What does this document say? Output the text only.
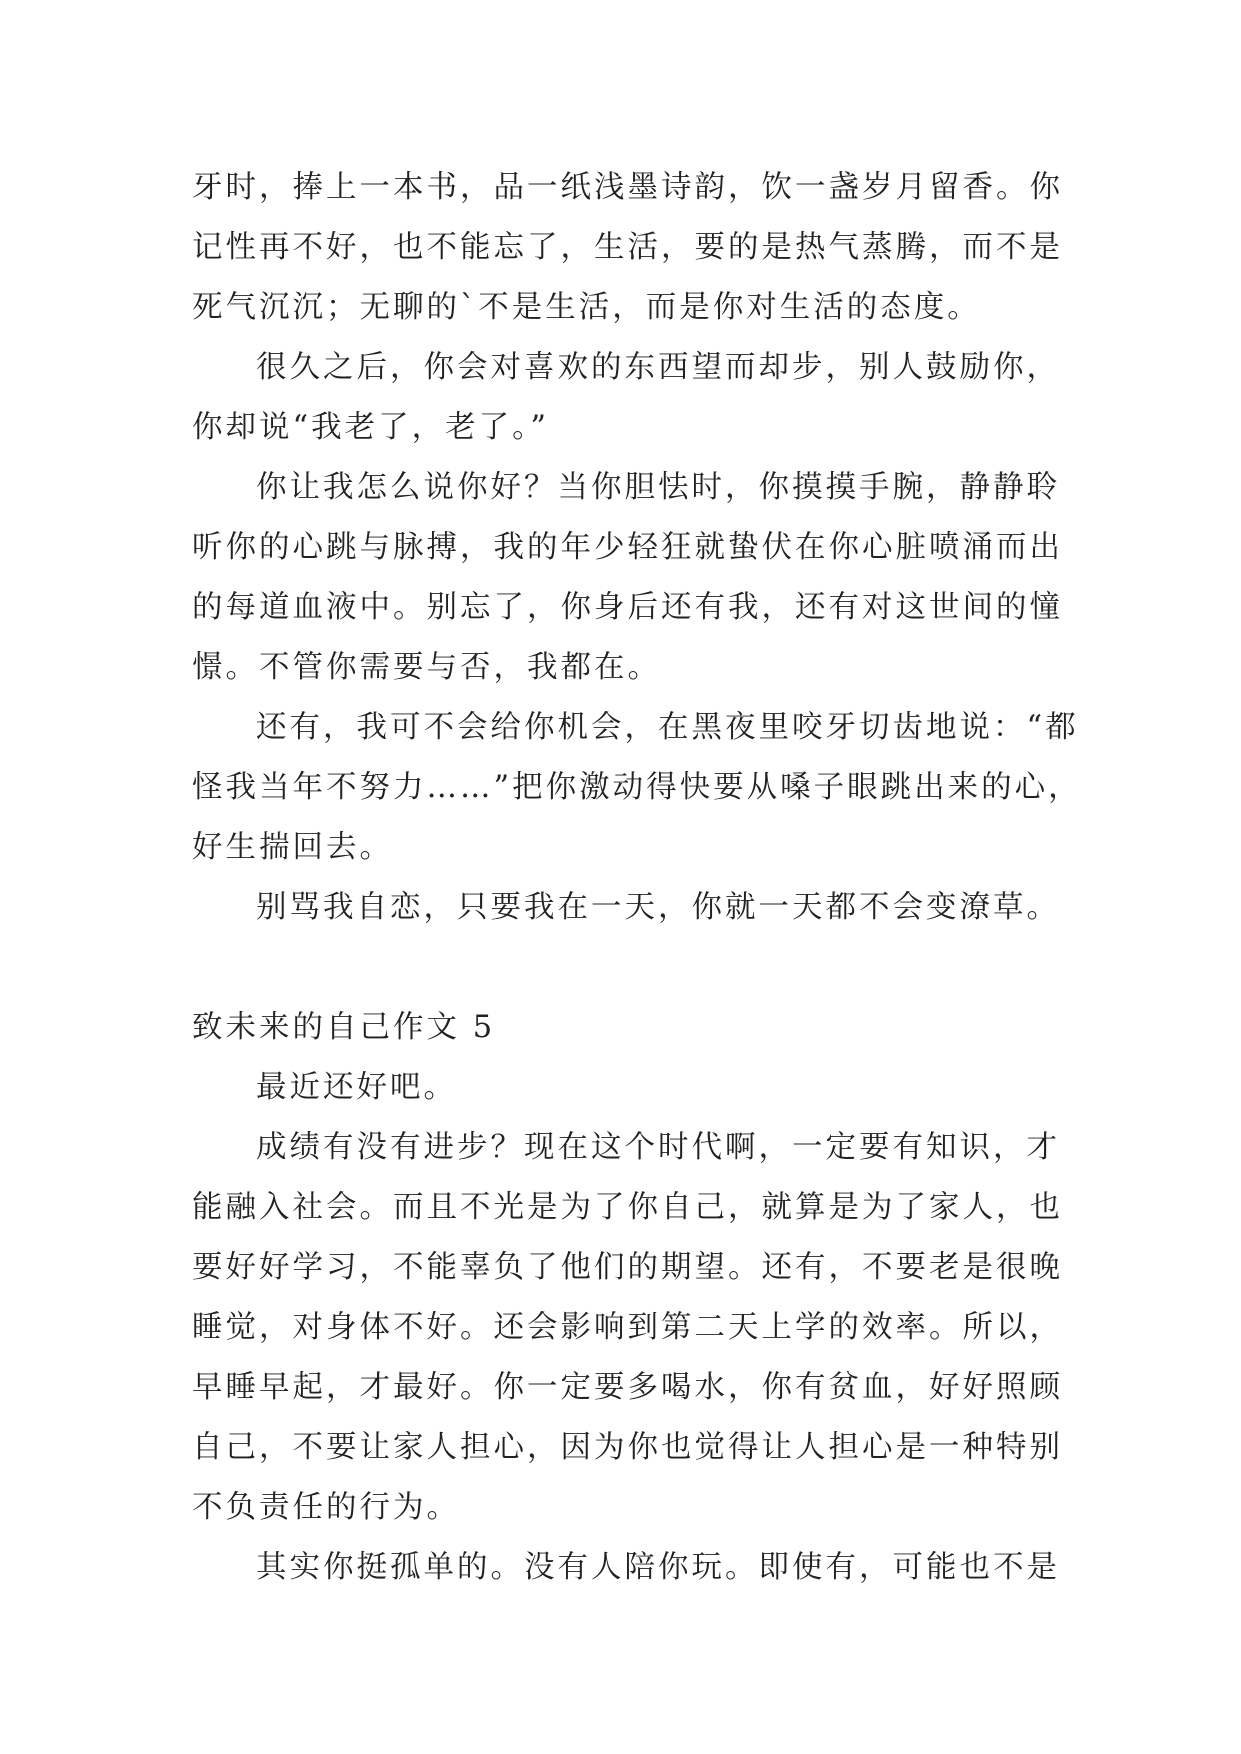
牙时，捧上一本书，品一纸浅墨诗韵，饮一盏岁月留香。你
记性再不好，也不能忘了，生活，要的是热气蒸腾，而不是
死气沉沉；无聊的`不是生活，而是你对生活的态度。
很久之后，你会对喜欢的东西望而却步，别人鼓励你，
你却说“我老了，老了。”
你让我怎么说你好？当你胆怯时，你摸摸手腕，静静聆
听你的心跳与脉搏，我的年少轻狂就蛰伏在你心脏喷涌而出
的每道血液中。别忘了，你身后还有我，还有对这世间的憧
憬。不管你需要与否，我都在。
还有，我可不会给你机会，在黑夜里咬牙切齿地说：“都
怪我当年不努力……”把你激动得快要从嗓子眼跳出来的心，
好生揣回去。
别骂我自恋，只要我在一天，你就一天都不会变潦草。
致未来的自己作文 5
最近还好吧。
成绩有没有进步？现在这个时代啊，一定要有知识，才
能融入社会。而且不光是为了你自己，就算是为了家人，也
要好好学习，不能辜负了他们的期望。还有，不要老是很晚
睡觉，对身体不好。还会影响到第二天上学的效率。所以，
早睡早起，才最好。你一定要多喝水，你有贫血，好好照顾
自己，不要让家人担心，因为你也觉得让人担心是一种特别
不负责任的行为。
其实你挺孤单的。没有人陪你玩。即使有，可能也不是
